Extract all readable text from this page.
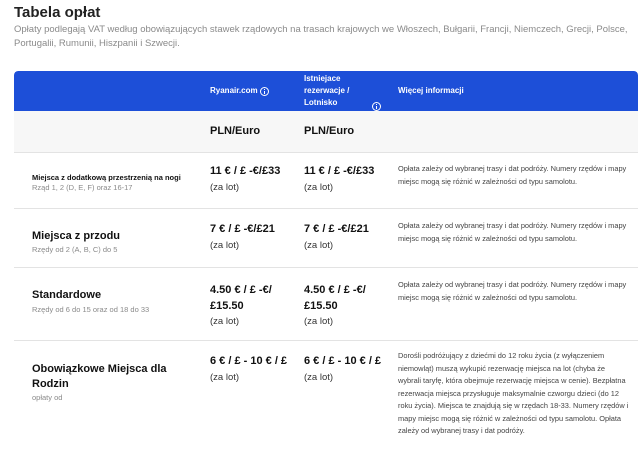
Tabela opłat
Opłaty podlegają VAT według obowiązujących stawek rządowych na trasach krajowych we Włoszech, Bułgarii, Francji, Niemczech, Grecji, Polsce, Portugalii, Rumunii, Hiszpanii i Szwecji.
Ryanair.com
Istniejace rezerwacje / Lotnisko
Więcej informacji
PLN/Euro	PLN/Euro
Miejsca z dodatkową przestrzenią na nogi
Rząd 1, 2 (D, E, F) oraz 16-17
11 € / £ -€/£33
(za lot)
11 € / £ -€/£33
(za lot)
Opłata zależy od wybranej trasy i dat podróży. Numery rzędów i mapy miejsc mogą się różnić w zależności od typu samolotu.
Miejsca z przodu
Rzędy od 2 (A, B, C) do 5
7 € / £ -€/£21
(za lot)
7 € / £ -€/£21
(za lot)
Opłata zależy od wybranej trasy i dat podróży. Numery rzędów i mapy miejsc mogą się różnić w zależności od typu samolotu.
Standardowe
Rzędy od 6 do 15 oraz od 18 do 33
4.50 € / £ -€/
£15.50
(za lot)
4.50 € / £ -€/
£15.50
(za lot)
Opłata zależy od wybranej trasy i dat podróży. Numery rzędów i mapy miejsc mogą się różnić w zależności od typu samolotu.
Obowiązkowe Miejsca dla
Rodzin
opłaty od
6 € / £ - 10 € / £
(za lot)
6 € / £ - 10 € / £
(za lot)
Dorośli podróżujący z dziećmi do 12 roku życia (z wyłączeniem niemowląt) muszą wykupić rezerwację miejsca na lot (chyba że wybrali taryfę, która obejmuje rezerwację miejsca w cenie). Bezpłatna rezerwacja miejsca przysługuje maksymalnie czworgu dzieci (do 12 roku życia). Miejsca te znajdują się w rzędach 18-33. Numery rzędów i mapy miejsc mogą się różnić w zależności od typu samolotu. Opłata zależy od wybranej trasy i dat podróży.
